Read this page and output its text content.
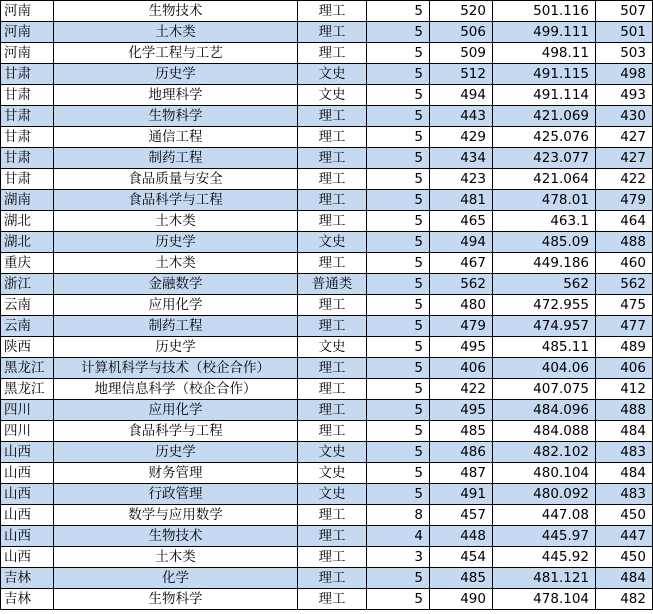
河南	生物技术	理工	5	520	501.116	507
河南	土木类	理工	5	506	499.111	501
河南	化学工程与工艺	理工	5	509	498.11	503
甘肃	历史学	文史	5	512	491.115	498
甘肃	地理科学	文史	5	494	491.114	493
甘肃	生物科学	理工	5	443	421.069	430
甘肃	通信工程	理工	5	429	425.076	427
甘肃	制药工程	理工	5	434	423.077	427
甘肃	食品质量与安全	理工	5	423	421.064	422
湖南	食品科学与工程	理工	5	481	478.01	479
湖北	土木类	理工	5	465	463.1	464
湖北	历史学	文史	5	494	485.09	488
重庆	土木类	理工	5	467	449.186	460
浙江	金融数学	普通类	5	562	562	562
云南	应用化学	理工	5	480	472.955	475
云南	制药工程	理工	5	479	474.957	477
陕西	历史学	文史	5	495	485.11	489
黑龙江	计算机科学与技术（校企合作）	理工	5	406	404.06	406
黑龙江	地理信息科学（校企合作）	理工	5	422	407.075	412
四川	应用化学	理工	5	495	484.096	488
四川	食品科学与工程	理工	5	485	484.088	484
山西	历史学	文史	5	486	482.102	483
山西	财务管理	文史	5	487	480.104	484
山西	行政管理	文史	5	491	480.092	483
山西	数学与应用数学	理工	8	457	447.08	450
山西	生物技术	理工	4	448	445.97	447
山西	土木类	理工	3	454	445.92	450
吉林	化学	理工	5	485	481.121	484
吉林	生物科学	理工	5	490	478.104	482
